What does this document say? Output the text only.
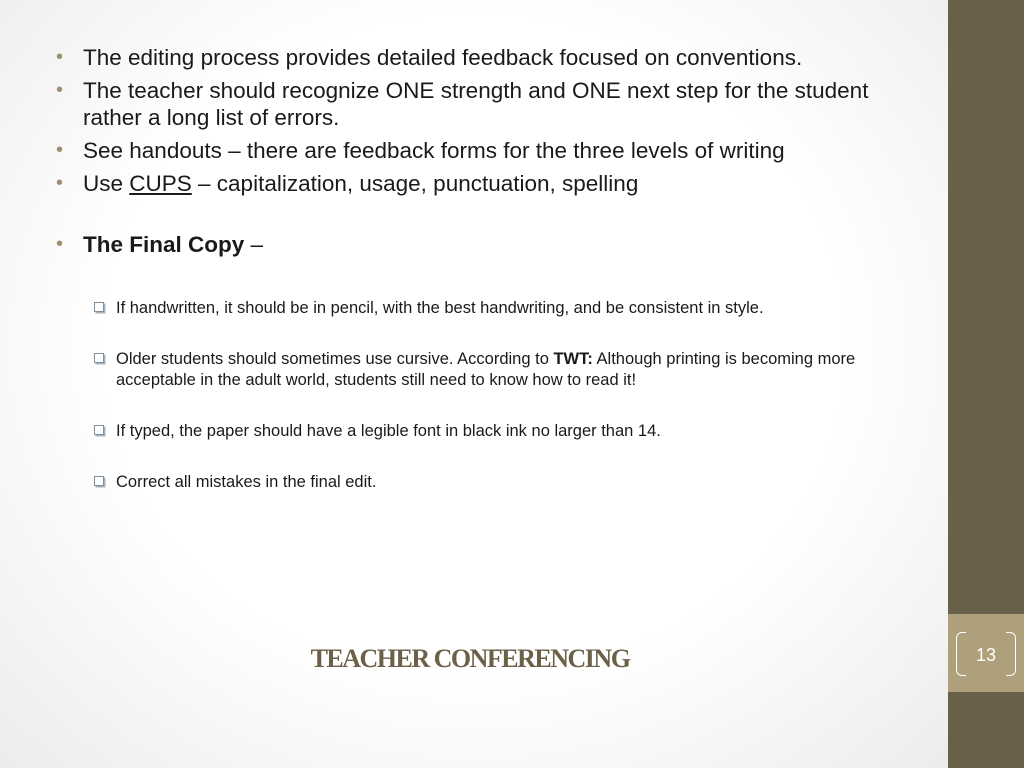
13
• The editing process provides detailed feedback focused on conventions.
• The teacher should recognize ONE strength and ONE next step for the student rather a long list of errors.
• See handouts – there are feedback forms for the three levels of writing
• Use CUPS – capitalization, usage, punctuation, spelling
• The Final Copy –
If handwritten, it should be in pencil, with the best handwriting, and be consistent in style.
Older students should sometimes use cursive. According to TWT: Although printing is becoming more acceptable in the adult world, students still need to know how to read it!
If typed, the paper should have a legible font in black ink no larger than 14.
Correct all mistakes in the final edit.
TEACHER CONFERENCING
